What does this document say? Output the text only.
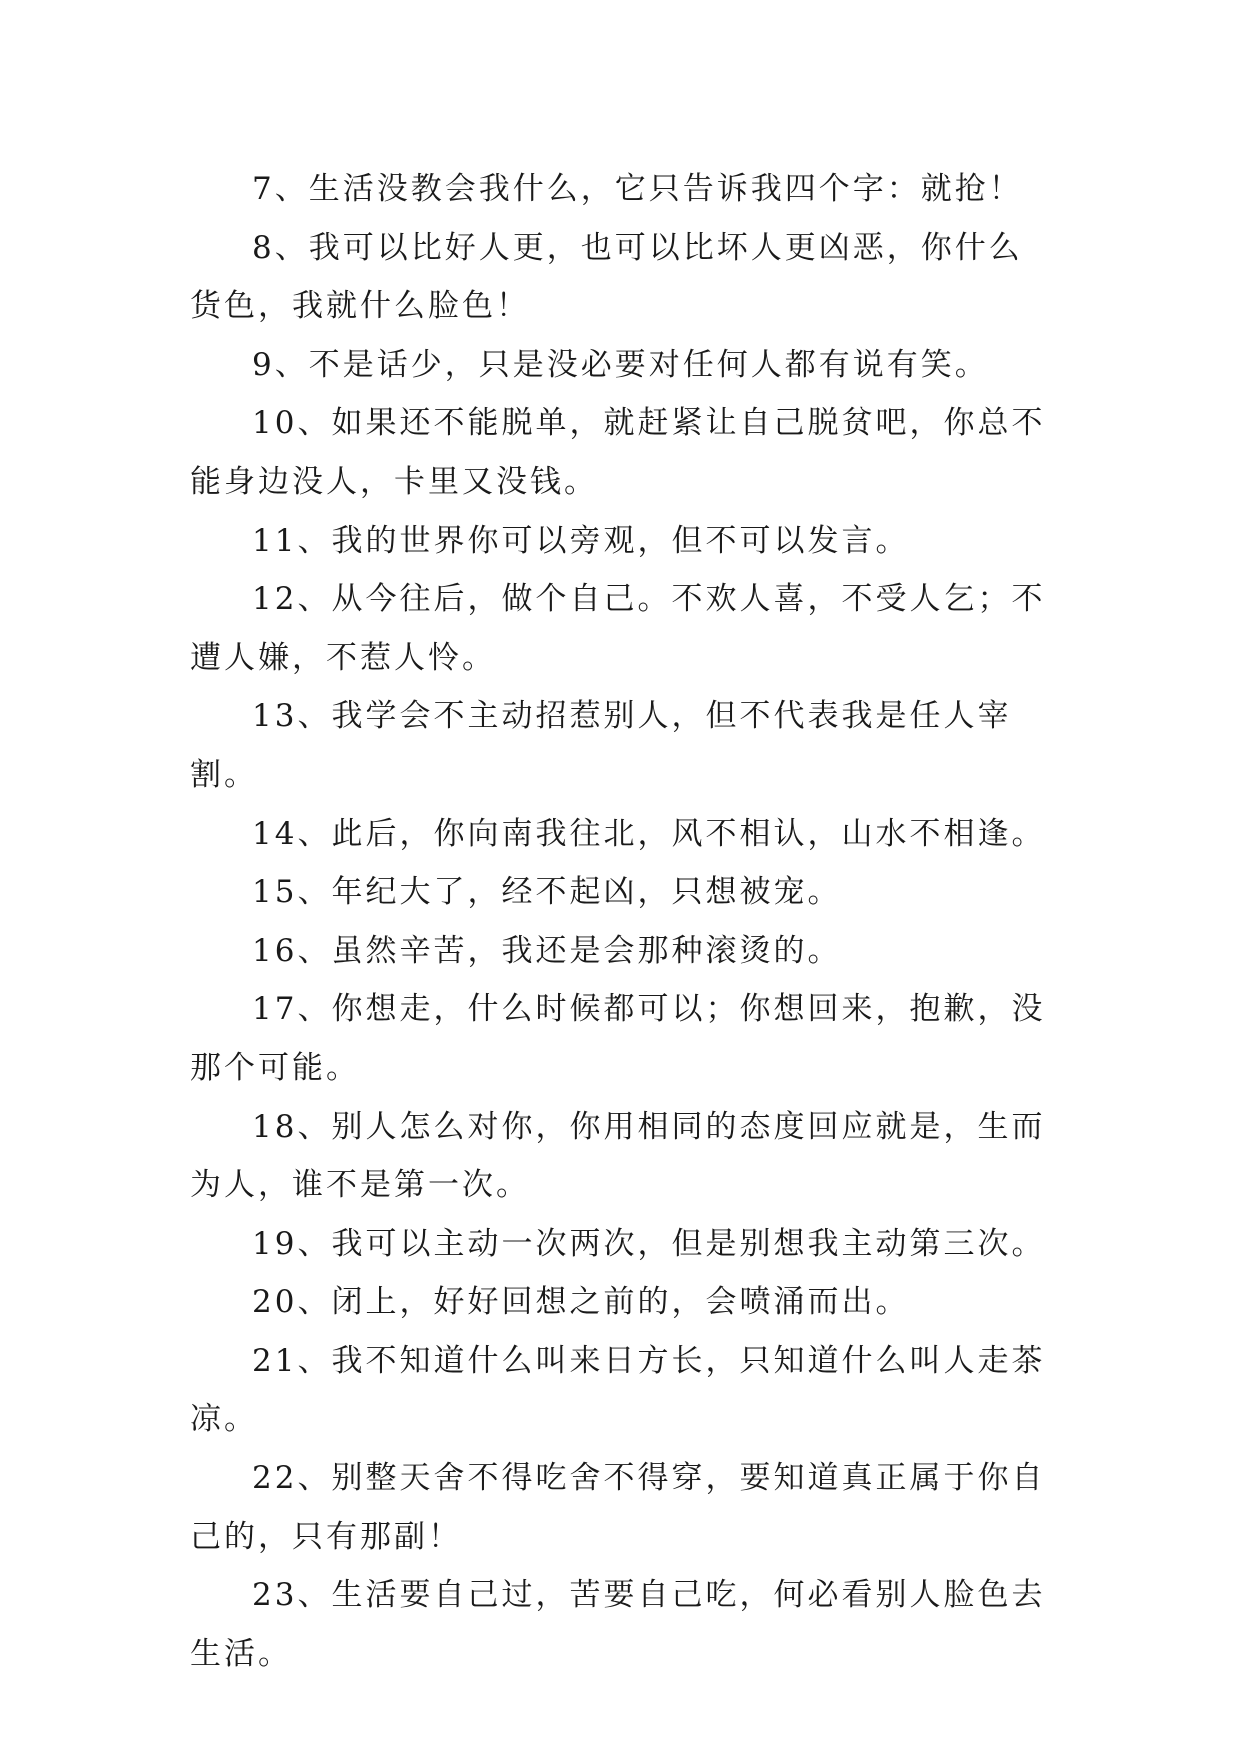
7、生活没教会我什么，它只告诉我四个字：就抢！

8、我可以比好人更，也可以比坏人更凶恶，你什么货色，我就什么脸色！

9、不是话少，只是没必要对任何人都有说有笑。

10、如果还不能脱单，就赶紧让自己脱贫吧，你总不能身边没人，卡里又没钱。

11、我的世界你可以旁观，但不可以发言。

12、从今往后，做个自己。不欢人喜，不受人乞；不遭人嫌，不惹人怜。

13、我学会不主动招惹别人，但不代表我是任人宰割。

14、此后，你向南我往北，风不相认，山水不相逢。

15、年纪大了，经不起凶，只想被宠。

16、虽然辛苦，我还是会那种滚烫的。

17、你想走，什么时候都可以；你想回来，抱歉，没那个可能。

18、别人怎么对你，你用相同的态度回应就是，生而为人，谁不是第一次。

19、我可以主动一次两次，但是别想我主动第三次。

20、闭上，好好回想之前的，会喷涌而出。

21、我不知道什么叫来日方长，只知道什么叫人走茶凉。

22、别整天舍不得吃舍不得穿，要知道真正属于你自己的，只有那副！

23、生活要自己过，苦要自己吃，何必看别人脸色去生活。
